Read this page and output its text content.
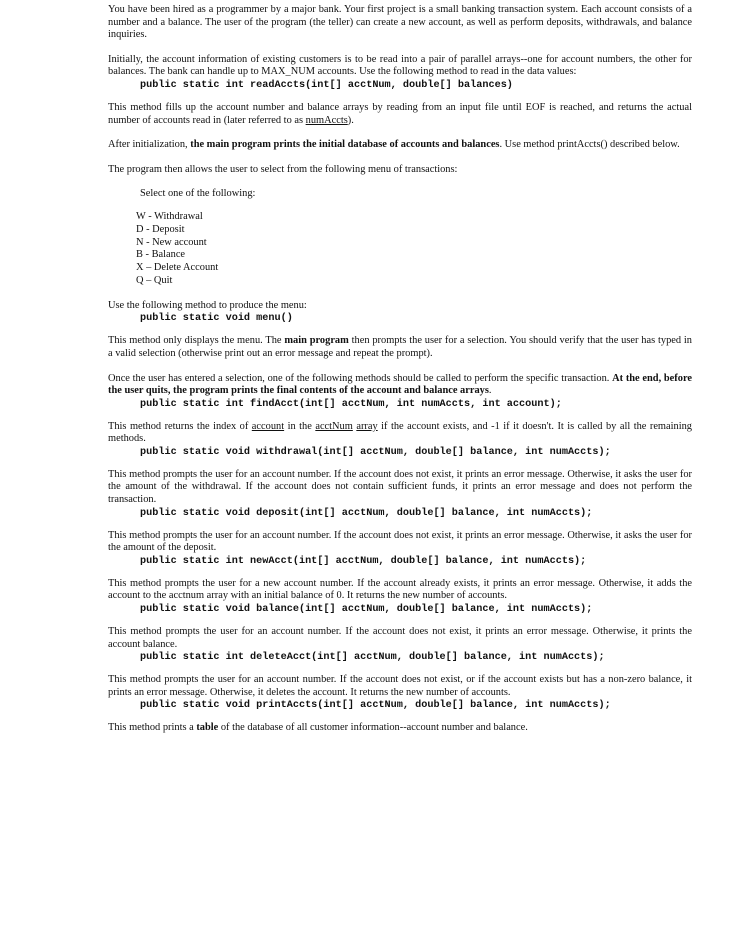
You have been hired as a programmer by a major bank. Your first project is a small banking transaction system. Each account consists of a number and a balance. The user of the program (the teller) can create a new account, as well as perform deposits, withdrawals, and balance inquiries.

Initially, the account information of existing customers is to be read into a pair of parallel arrays--one for account numbers, the other for balances. The bank can handle up to MAX_NUM accounts. Use the following method to read in the data values:

public static int readAccts(int[] acctNum, double[] balances)

This method fills up the account number and balance arrays by reading from an input file until EOF is reached, and returns the actual number of accounts read in (later referred to as numAccts).

After initialization, the main program prints the initial database of accounts and balances. Use method printAccts() described below.

The program then allows the user to select from the following menu of transactions:

Select one of the following:
W - Withdrawal
D - Deposit
N - New account
B - Balance
X – Delete Account
Q – Quit

Use the following method to produce the menu:

public static void menu()

This method only displays the menu. The main program then prompts the user for a selection. You should verify that the user has typed in a valid selection (otherwise print out an error message and repeat the prompt).

Once the user has entered a selection, one of the following methods should be called to perform the specific transaction. At the end, before the user quits, the program prints the final contents of the account and balance arrays.

public static int findAcct(int[] acctNum, int numAccts, int account);

This method returns the index of account in the acctNum array if the account exists, and -1 if it doesn't. It is called by all the remaining methods.

public static void withdrawal(int[] acctNum, double[] balance, int numAccts);

This method prompts the user for an account number. If the account does not exist, it prints an error message. Otherwise, it asks the user for the amount of the withdrawal. If the account does not contain sufficient funds, it prints an error message and does not perform the transaction.

public static void deposit(int[] acctNum, double[] balance, int numAccts);

This method prompts the user for an account number. If the account does not exist, it prints an error message. Otherwise, it asks the user for the amount of the deposit.

public static int newAcct(int[] acctNum, double[] balance, int numAccts);

This method prompts the user for a new account number. If the account already exists, it prints an error message. Otherwise, it adds the account to the acctnum array with an initial balance of 0. It returns the new number of accounts.

public static void balance(int[] acctNum, double[] balance, int numAccts);

This method prompts the user for an account number. If the account does not exist, it prints an error message. Otherwise, it prints the account balance.

public static int deleteAcct(int[] acctNum, double[] balance, int numAccts);

This method prompts the user for an account number. If the account does not exist, or if the account exists but has a non-zero balance, it prints an error message. Otherwise, it deletes the account. It returns the new number of accounts.

public static void printAccts(int[] acctNum, double[] balance, int numAccts);

This method prints a table of the database of all customer information--account number and balance.
